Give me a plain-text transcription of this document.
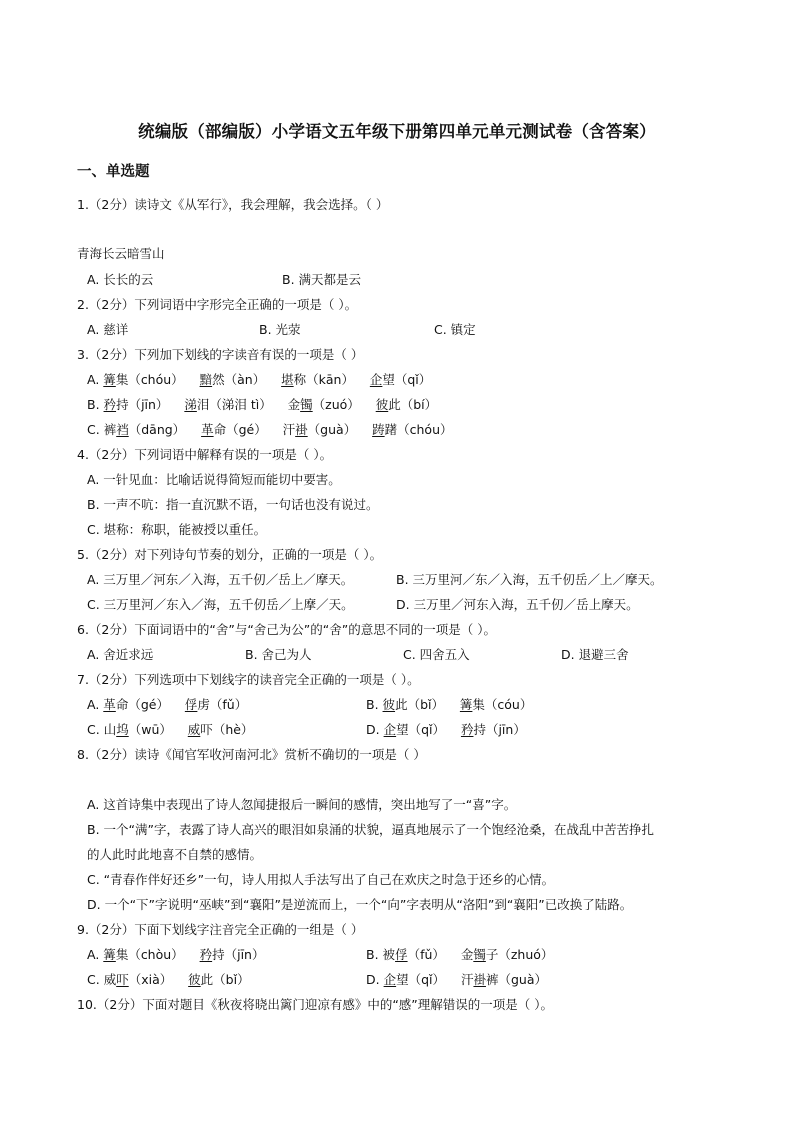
统编版（部编版）小学语文五年级下册第四单元单元测试卷（含答案）
一、单选题
1.（2分）读诗文《从军行》，我会理解，我会选择。（ ）
青海长云暗雪山
A. 长长的云	B. 满天都是云
2.（2分）下列词语中字形完全正确的一项是（ ）。
A. 慈详	B. 光荥	C. 镇定
3.（2分）下列加下划线的字读音有误的一项是（ ）
A. 篝集（chóu） 黯然（àn） 堪称（kān） 企望（qǐ）
B. 矜持（jīn） 涕泪（涕泪 tì） 金镯（zuó） 彼此（bí）
C. 裤裆（dāng） 革命（gé） 汗褂（guà） 踌躇（chóu）
4.（2分）下列词语中解释有误的一项是（ ）。
A. 一针见血：比喻话说得简短而能切中要害。
B. 一声不吭：指一直沉默不语，一句话也没有说过。
C. 堪称：称职，能被授以重任。
5.（2分）对下列诗句节奏的划分，正确的一项是（ ）。
A. 三万里／河东／入海，五千仞／岳上／摩天。	B. 三万里河／东／入海，五千仞岳／上／摩天。
C. 三万里河／东入／海，五千仞岳／上摩／天。	D. 三万里／河东入海，五千仞／岳上摩天。
6.（2分）下面词语中的“舍”与“舍己为公”的“舍”的意思不同的一项是（ ）。
A. 舍近求远	B. 舍己为人	C. 四舍五入	D. 退避三舍
7.（2分）下列选项中下划线字的读音完全正确的一项是（ ）。
A. 革命（gé） 俘虏（fǔ）	B. 彼此（bǐ） 篝集（cóu）
C. 山坞（wū） 威吓（hè）	D. 企望（qǐ） 矜持（jīn）
8.（2分）读诗《闻官军收河南河北》赏析不确切的一项是（ ）
A. 这首诗集中表现出了诗人忽闻捷报后一瞬间的感情，突出地写了一“喜”字。
B. 一个“满”字，表露了诗人高兴的眼泪如泉涌的状貌，逼真地展示了一个饱经沧桑，在战乱中苦苦挣扎
的人此时此地喜不自禁的感情。
C. “青春作伴好还乡”一句，诗人用拟人手法写出了自己在欢庆之时急于还乡的心情。
D. 一个“下”字说明“巫峡”到“襄阳”是逆流而上，一个“向”字表明从“洛阳”到“襄阳”已改换了陆路。
9.（2分）下面下划线字注音完全正确的一组是（ ）
A. 篝集（chòu） 矜持（jīn）	B. 被俘（fǔ） 金镯子（zhuó）
C. 威吓（xià） 彼此（bǐ）	D. 企望（qǐ） 汗褂裤（guà）
10.（2分）下面对题目《秋夜将晓出篱门迎凉有感》中的“感”理解错误的一项是（ ）。
